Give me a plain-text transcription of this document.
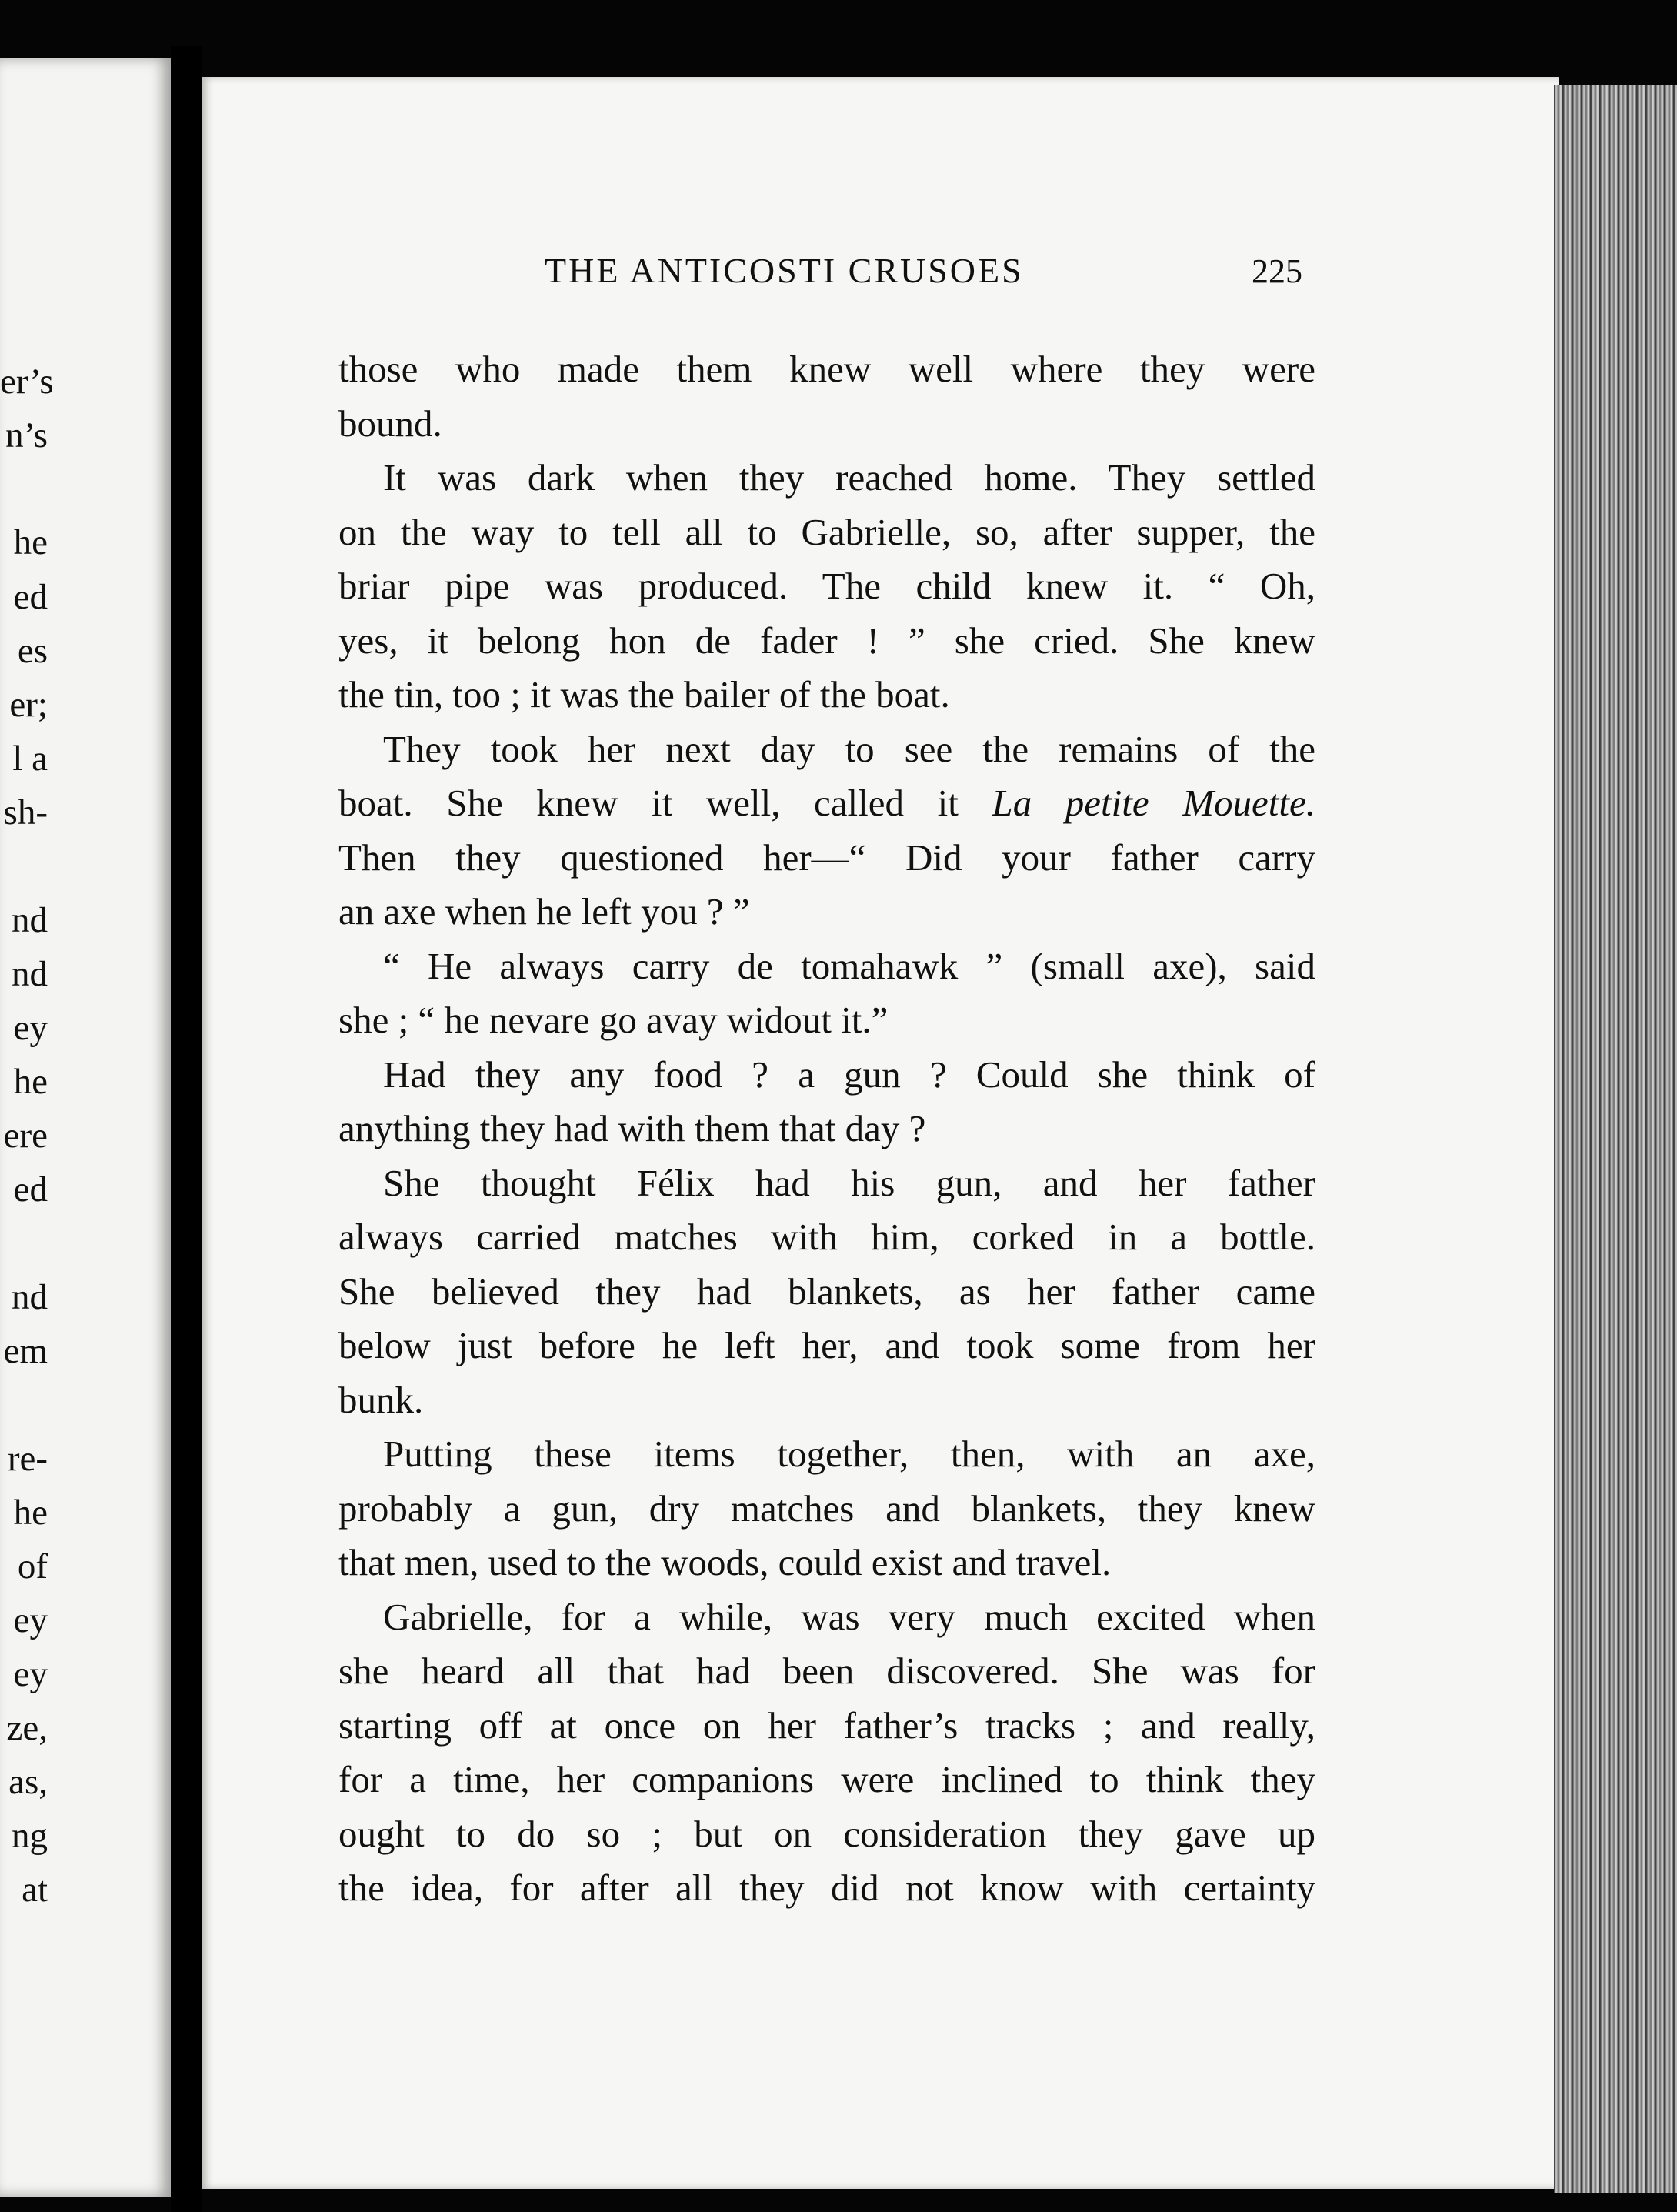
er’s
n’s
he
ed
es
er;
l a
sh-
nd
nd
ey
he
ere
ed
nd
em
re-
he
of
ey
ey
ze,
as,
ng
at
THE ANTICOSTI CRUSOES	225
those who made them knew well where they were
bound.
It was dark when they reached home. They settled
on the way to tell all to Gabrielle, so, after supper, the
briar pipe was produced. The child knew it. “ Oh,
yes, it belong hon de fader ! ” she cried. She knew
the tin, too ; it was the bailer of the boat.
They took her next day to see the remains of the
boat. She knew it well, called it La petite Mouette.
Then they questioned her—“ Did your father carry
an axe when he left you ? ”
“ He always carry de tomahawk ” (small axe), said
she ; “ he nevare go avay widout it.”
Had they any food ? a gun ? Could she think of
anything they had with them that day ?
She thought Félix had his gun, and her father
always carried matches with him, corked in a bottle.
She believed they had blankets, as her father came
below just before he left her, and took some from her
bunk.
Putting these items together, then, with an axe,
probably a gun, dry matches and blankets, they knew
that men, used to the woods, could exist and travel.
Gabrielle, for a while, was very much excited when
she heard all that had been discovered. She was for
starting off at once on her father’s tracks ; and really,
for a time, her companions were inclined to think they
ought to do so ; but on consideration they gave up
the idea, for after all they did not know with certainty
